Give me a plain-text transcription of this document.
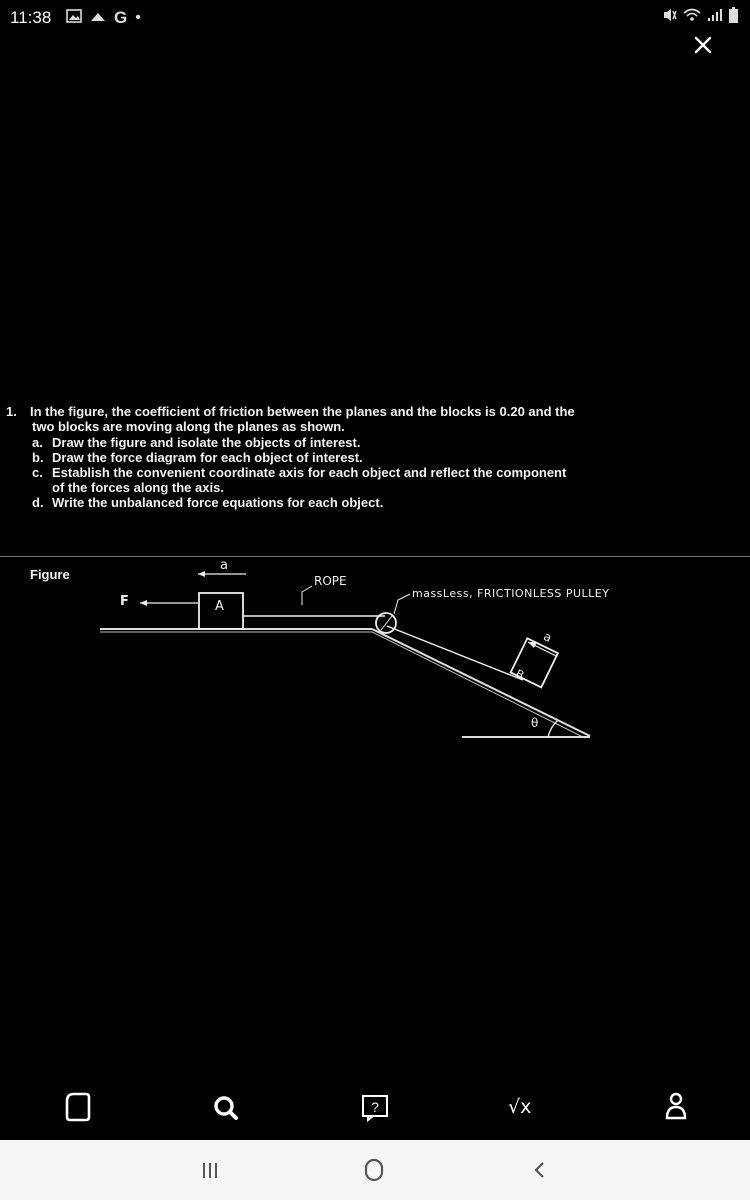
11:38	G •
1. In the figure, the coefficient of friction between the planes and the blocks is 0.20 and the
two blocks are moving along the planes as shown.
a. Draw the figure and isolate the objects of interest.
b. Draw the force diagram for each object of interest.
c. Establish the convenient coordinate axis for each object and reflect the component
of the forces along the axis.
d. Write the unbalanced force equations for each object.
Figure
F	A
a
ROPE
massLess, FRICTIONLESS PULLEY
B
a
θ
?	√x
